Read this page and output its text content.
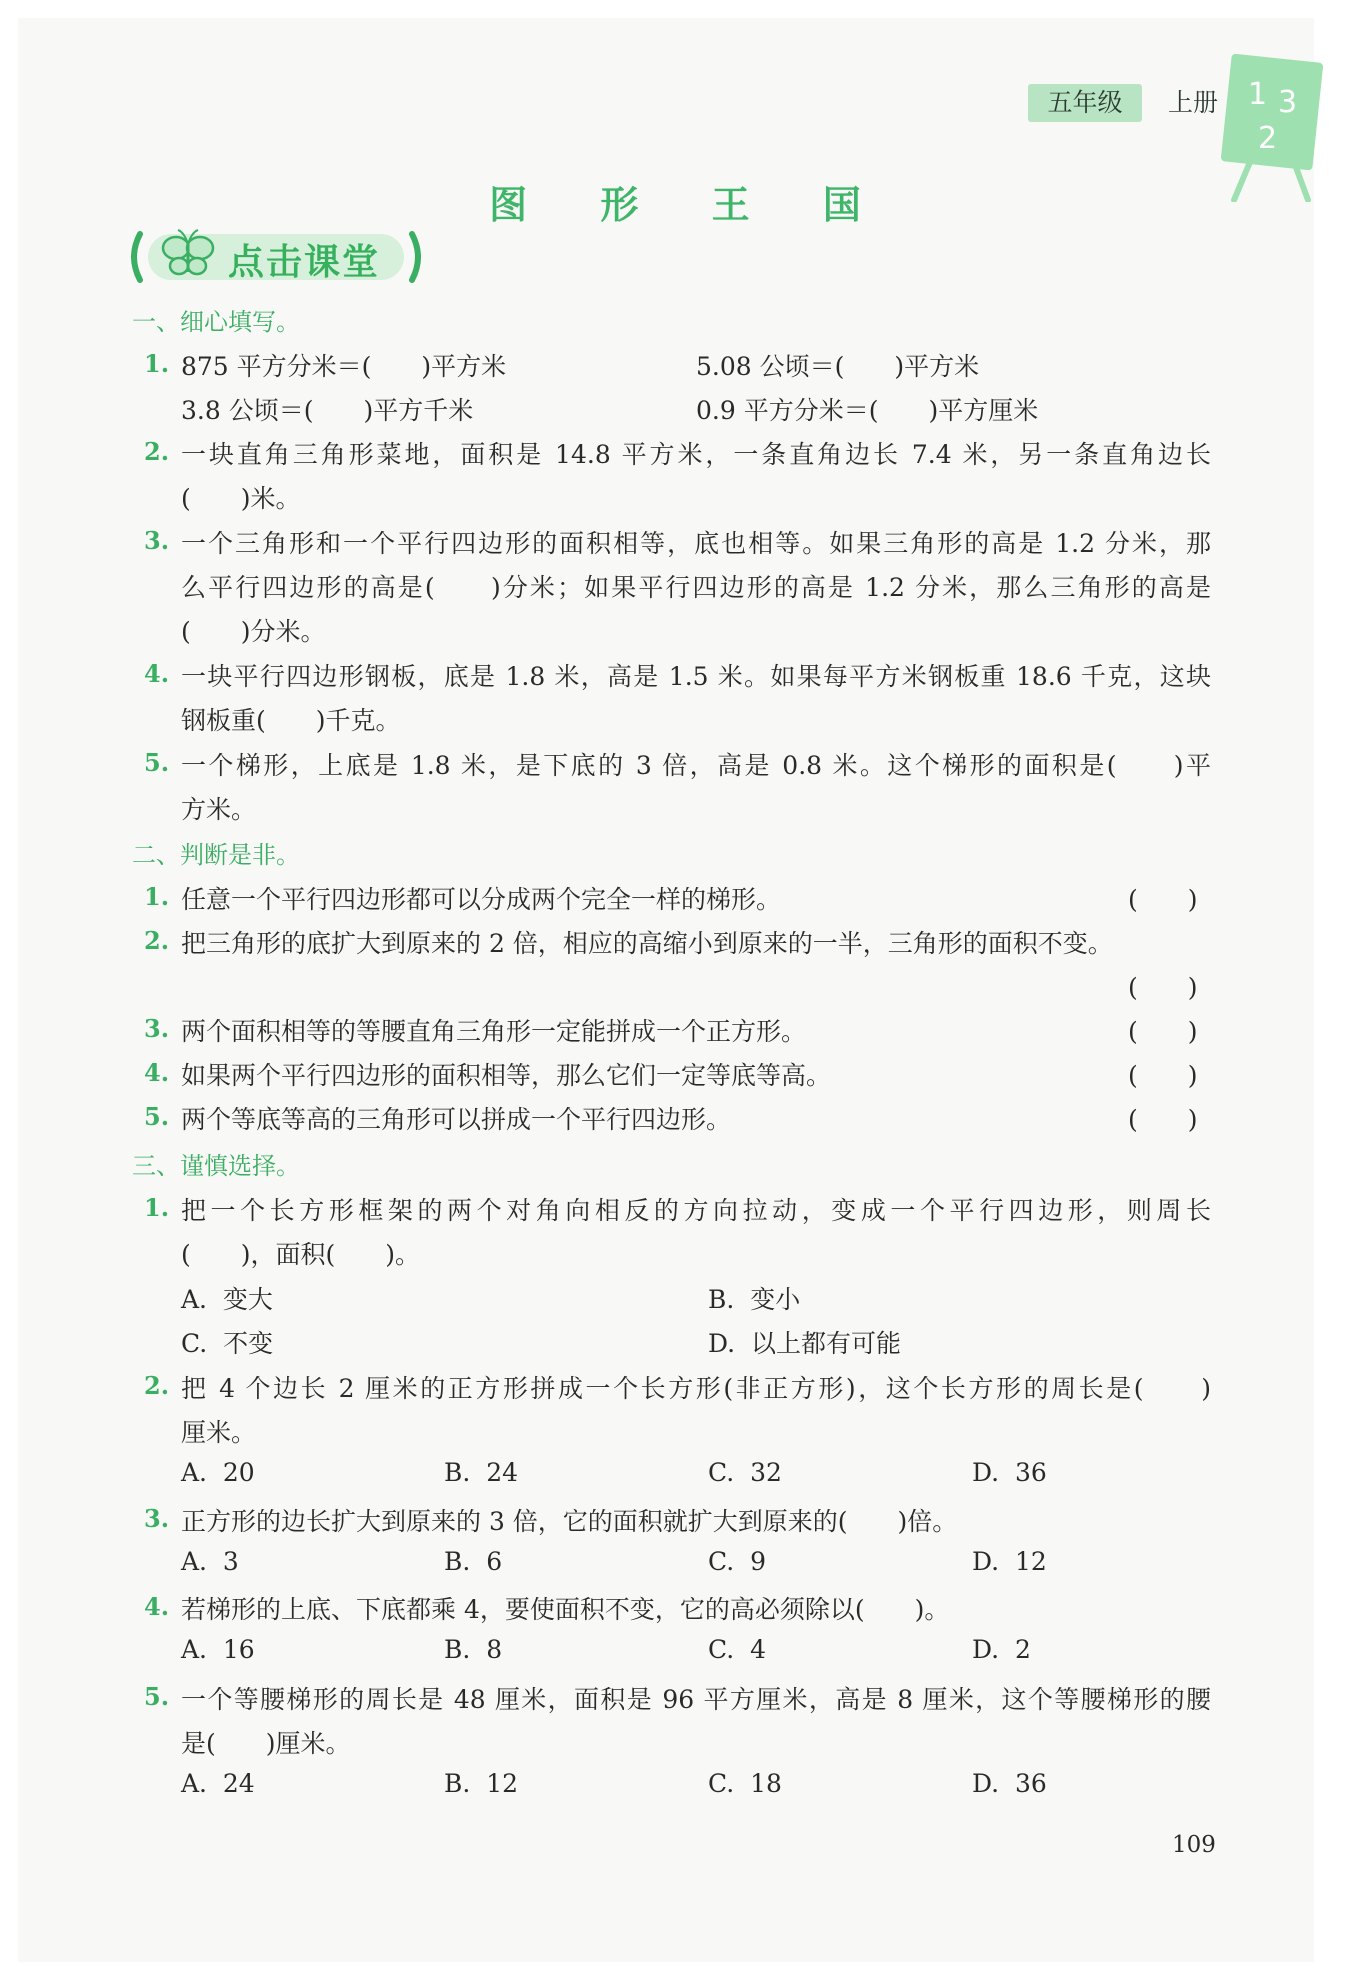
五年级	上册 1 3
2
图 形 王 国
点击课堂
一、细心填写。
1. 875 平方分米＝(　　)平方米	5.08 公顷＝(　　)平方米
3.8 公顷＝(　　)平方千米	0.9 平方分米＝(　　)平方厘米
2. 一块直角三角形菜地，面积是 14.8 平方米，一条直角边长 7.4 米，另一条直角边长
(　　)米。
3. 一个三角形和一个平行四边形的面积相等，底也相等。如果三角形的高是 1.2 分米，那
么平行四边形的高是(　　)分米；如果平行四边形的高是 1.2 分米，那么三角形的高是
(　　)分米。
4. 一块平行四边形钢板，底是 1.8 米，高是 1.5 米。如果每平方米钢板重 18.6 千克，这块
钢板重(　　)千克。
5. 一个梯形，上底是 1.8 米，是下底的 3 倍，高是 0.8 米。这个梯形的面积是(　　)平
方米。
二、判断是非。
1. 任意一个平行四边形都可以分成两个完全一样的梯形。	(　　)
2. 把三角形的底扩大到原来的 2 倍，相应的高缩小到原来的一半，三角形的面积不变。
(　　)
3. 两个面积相等的等腰直角三角形一定能拼成一个正方形。	(　　)
4. 如果两个平行四边形的面积相等，那么它们一定等底等高。	(　　)
5. 两个等底等高的三角形可以拼成一个平行四边形。	(　　)
三、谨慎选择。
1. 把一个长方形框架的两个对角向相反的方向拉动，变成一个平行四边形，则周长
(　　)，面积(　　)。
A.  变大	B.  变小
C.  不变	D.  以上都有可能
2. 把 4 个边长 2 厘米的正方形拼成一个长方形(非正方形)，这个长方形的周长是(　　)
厘米。
A.  20	B.  24	C.  32	D.  36
3. 正方形的边长扩大到原来的 3 倍，它的面积就扩大到原来的(　　)倍。
A.  3	B.  6	C.  9	D.  12
4. 若梯形的上底、下底都乘 4，要使面积不变，它的高必须除以(　　)。
A.  16	B.  8	C.  4	D.  2
5. 一个等腰梯形的周长是 48 厘米，面积是 96 平方厘米，高是 8 厘米，这个等腰梯形的腰
是(　　)厘米。
A.  24	B.  12	C.  18	D.  36
109
